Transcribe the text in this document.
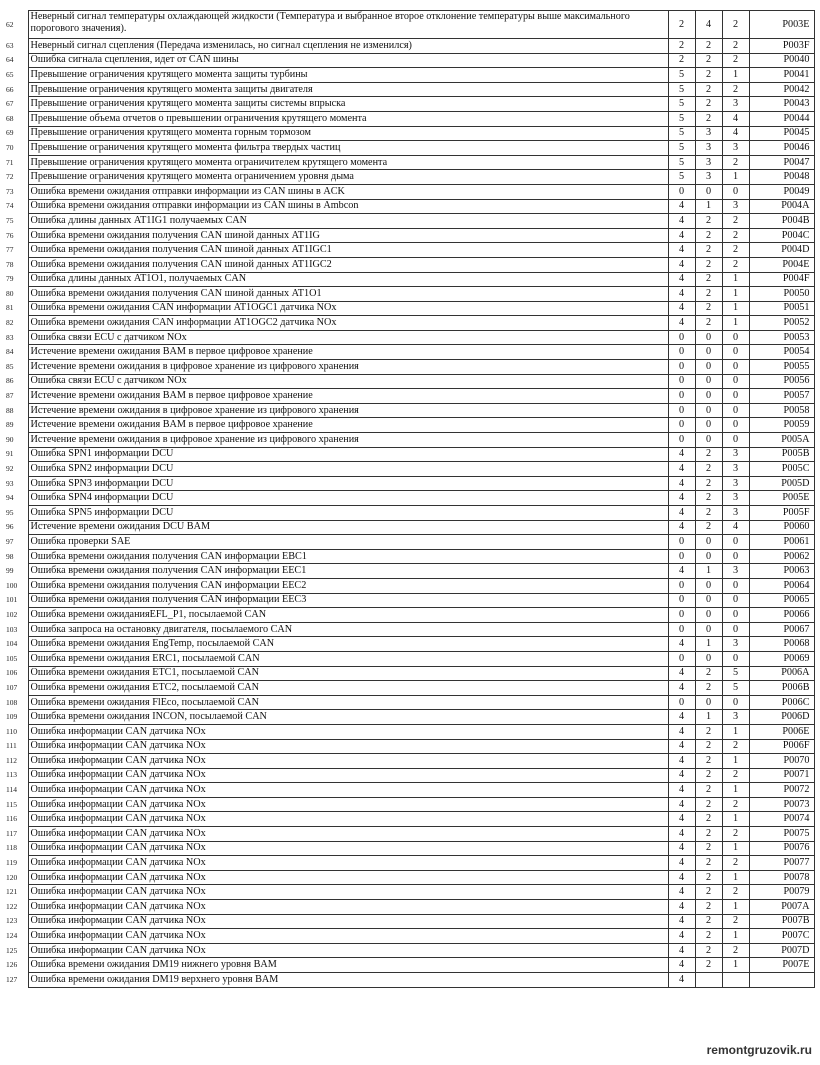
62	Неверный сигнал температуры охлаждающей жидкости (Температура и выбранное второе отклонение температуры выше максимального порогового значения).	2	4	2	P003E
63	Неверный сигнал сцепления (Передача изменилась, но сигнал сцепления не изменился)	2	2	2	P003F
64	Ошибка сигнала сцепления, идет от CAN шины	2	2	2	P0040
65	Превышение ограничения крутящего момента защиты турбины	5	2	1	P0041
66	Превышение ограничения крутящего момента защиты двигателя	5	2	2	P0042
67	Превышение ограничения крутящего момента защиты системы впрыска	5	2	3	P0043
68	Превышение объема отчетов о превышении ограничения крутящего момента	5	2	4	P0044
69	Превышение ограничения крутящего момента горным тормозом	5	3	4	P0045
70	Превышение ограничения крутящего момента фильтра твердых частиц	5	3	3	P0046
71	Превышение ограничения крутящего момента ограничителем крутящего момента	5	3	2	P0047
72	Превышение ограничения крутящего момента ограничением уровня дыма	5	3	1	P0048
73	Ошибка времени ожидания отправки информации из CAN шины в ACK	0	0	0	P0049
74	Ошибка времени ожидания отправки информации из CAN шины в Ambcon	4	1	3	P004A
75	Ошибка длины данных AT1IG1 получаемых CAN	4	2	2	P004B
76	Ошибка времени ожидания получения CAN шиной данных AT1IG	4	2	2	P004C
77	Ошибка времени ожидания получения CAN шиной данных AT1IGC1	4	2	2	P004D
78	Ошибка времени ожидания получения CAN шиной данных AT1IGC2	4	2	2	P004E
79	Ошибка длины данных AT1O1, получаемых CAN	4	2	1	P004F
80	Ошибка времени ожидания получения CAN шиной данных AT1O1	4	2	1	P0050
81	Ошибка времени ожидания CAN информации AT1OGC1 датчика NOx	4	2	1	P0051
82	Ошибка времени ожидания CAN информации AT1OGC2 датчика NOx	4	2	1	P0052
83	Ошибка связи ECU с датчиком NOx	0	0	0	P0053
84	Истечение времени ожидания BAM в первое цифровое хранение	0	0	0	P0054
85	Истечение времени ожидания в цифровое хранение из цифрового хранения	0	0	0	P0055
86	Ошибка связи ECU с датчиком NOx	0	0	0	P0056
87	Истечение времени ожидания BAM в первое цифровое хранение	0	0	0	P0057
88	Истечение времени ожидания в цифровое хранение из цифрового хранения	0	0	0	P0058
89	Истечение времени ожидания BAM в первое цифровое хранение	0	0	0	P0059
90	Истечение времени ожидания в цифровое хранение из цифрового хранения	0	0	0	P005A
91	Ошибка SPN1 информации DCU	4	2	3	P005B
92	Ошибка SPN2 информации DCU	4	2	3	P005C
93	Ошибка SPN3 информации DCU	4	2	3	P005D
94	Ошибка SPN4 информации DCU	4	2	3	P005E
95	Ошибка SPN5 информации DCU	4	2	3	P005F
96	Истечение времени ожидания DCU BAM	4	2	4	P0060
97	Ошибка проверки SAE	0	0	0	P0061
98	Ошибка времени ожидания получения CAN информации EBC1	0	0	0	P0062
99	Ошибка времени ожидания получения CAN информации EEC1	4	1	3	P0063
100	Ошибка времени ожидания получения CAN информации EEC2	0	0	0	P0064
101	Ошибка времени ожидания получения CAN информации EEC3	0	0	0	P0065
102	Ошибка времени ожиданияEFL_P1, посылаемой CAN	0	0	0	P0066
103	Ошибка запроса на остановку двигателя, посылаемого CAN	0	0	0	P0067
104	Ошибка времени ожидания EngTemp, посылаемой CAN	4	1	3	P0068
105	Ошибка времени ожидания ERC1, посылаемой CAN	0	0	0	P0069
106	Ошибка времени ожидания ETC1, посылаемой CAN	4	2	5	P006A
107	Ошибка времени ожидания ETC2, посылаемой CAN	4	2	5	P006B
108	Ошибка времени ожидания FlEco, посылаемой CAN	0	0	0	P006C
109	Ошибка времени ожидания INCON, посылаемой CAN	4	1	3	P006D
110	Ошибка информации CAN датчика NOx	4	2	1	P006E
111	Ошибка информации CAN датчика NOx	4	2	2	P006F
112	Ошибка информации CAN датчика NOx	4	2	1	P0070
113	Ошибка информации CAN датчика NOx	4	2	2	P0071
114	Ошибка информации CAN датчика NOx	4	2	1	P0072
115	Ошибка информации CAN датчика NOx	4	2	2	P0073
116	Ошибка информации CAN датчика NOx	4	2	1	P0074
117	Ошибка информации CAN датчика NOx	4	2	2	P0075
118	Ошибка информации CAN датчика NOx	4	2	1	P0076
119	Ошибка информации CAN датчика NOx	4	2	2	P0077
120	Ошибка информации CAN датчика NOx	4	2	1	P0078
121	Ошибка информации CAN датчика NOx	4	2	2	P0079
122	Ошибка информации CAN датчика NOx	4	2	1	P007A
123	Ошибка информации CAN датчика NOx	4	2	2	P007B
124	Ошибка информации CAN датчика NOx	4	2	1	P007C
125	Ошибка информации CAN датчика NOx	4	2	2	P007D
126	Ошибка времени ожидания DM19 нижнего уровня BAM	4	2	1	P007E
127	Ошибка времени ожидания DM19 верхнего уровня BAM	4			
remontgruzovik.ru
